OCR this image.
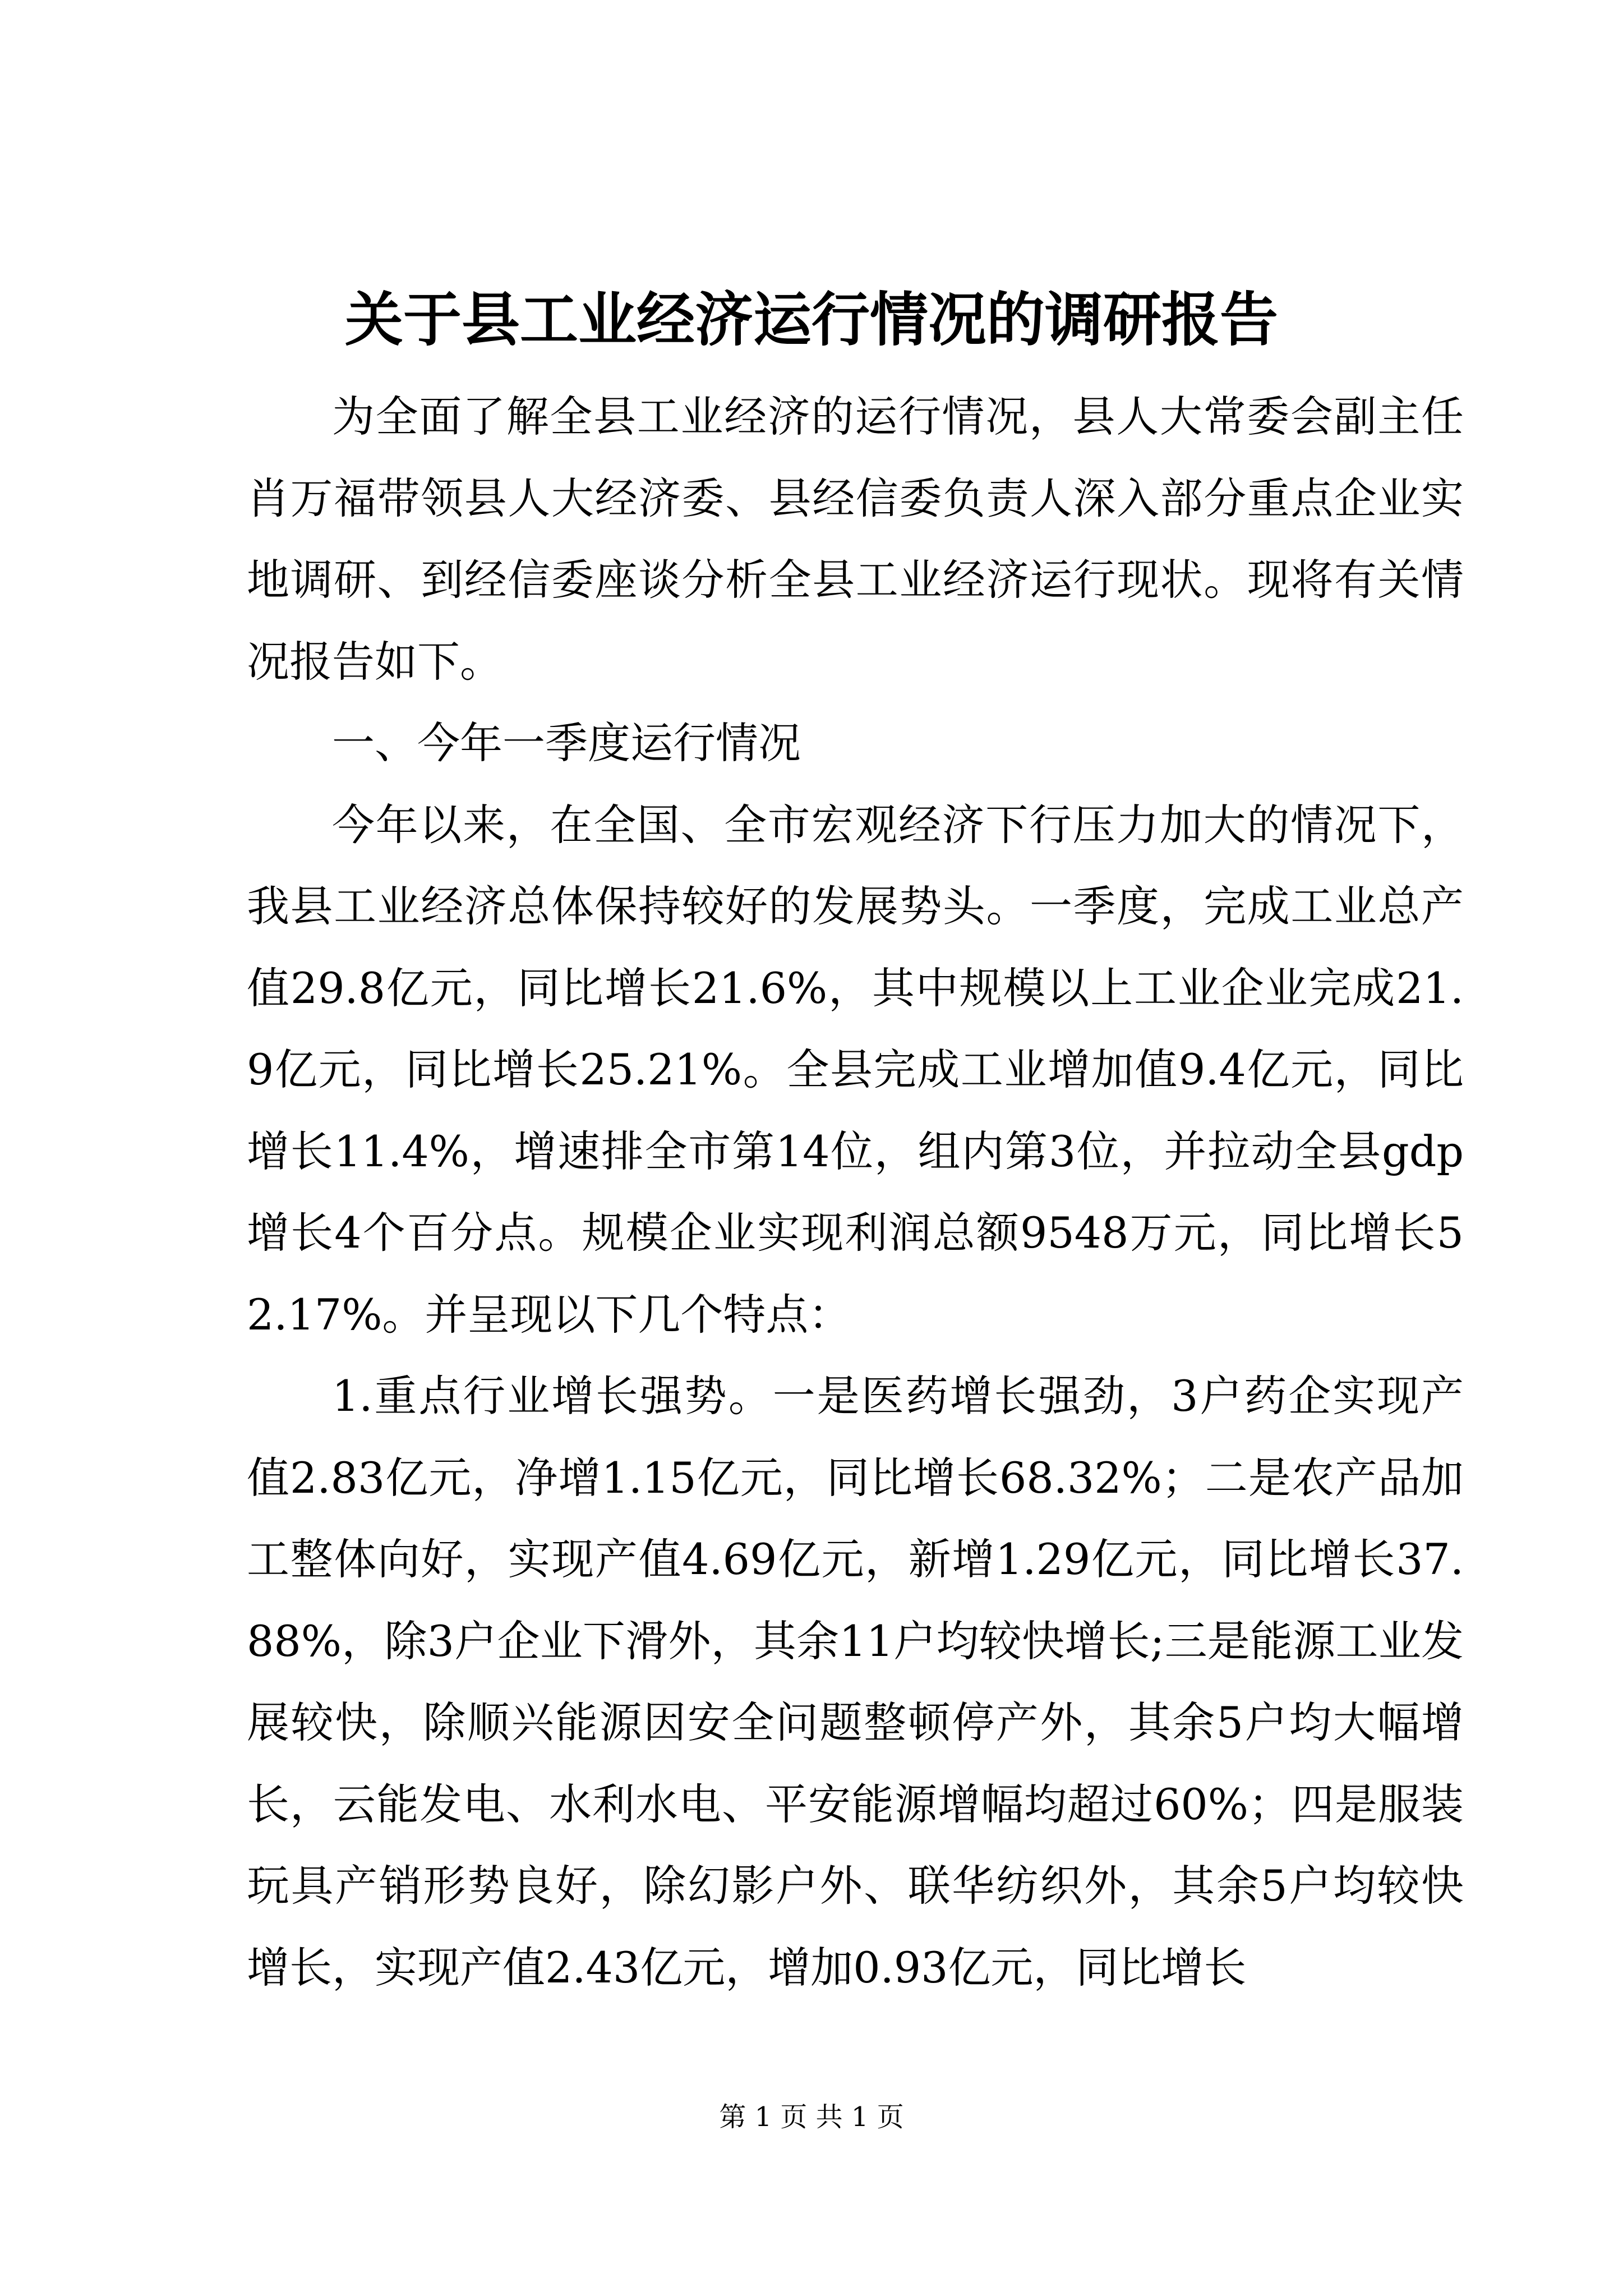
关于县工业经济运行情况的调研报告

为全面了解全县工业经济的运行情况，县人大常委会副主任肖万福带领县人大经济委、县经信委负责人深入部分重点企业实地调研、到经信委座谈分析全县工业经济运行现状。现将有关情况报告如下。

一、今年一季度运行情况

今年以来，在全国、全市宏观经济下行压力加大的情况下，我县工业经济总体保持较好的发展势头。一季度，完成工业总产值29.8亿元，同比增长21.6%，其中规模以上工业企业完成21.9亿元，同比增长25.21%。全县完成工业增加值9.4亿元，同比增长11.4%，增速排全市第14位，组内第3位，并拉动全县gdp增长4个百分点。规模企业实现利润总额9548万元，同比增长52.17%。并呈现以下几个特点：

1.重点行业增长强势。一是医药增长强劲，3户药企实现产值2.83亿元，净增1.15亿元，同比增长68.32%；二是农产品加工整体向好，实现产值4.69亿元，新增1.29亿元，同比增长37.88%，除3户企业下滑外，其余11户均较快增长;三是能源工业发展较快，除顺兴能源因安全问题整顿停产外，其余5户均大幅增长，云能发电、水利水电、平安能源增幅均超过60%；四是服装玩具产销形势良好，除幻影户外、联华纺织外，其余5户均较快增长，实现产值2.43亿元，增加0.93亿元，同比增长

第 1 页 共 1 页
